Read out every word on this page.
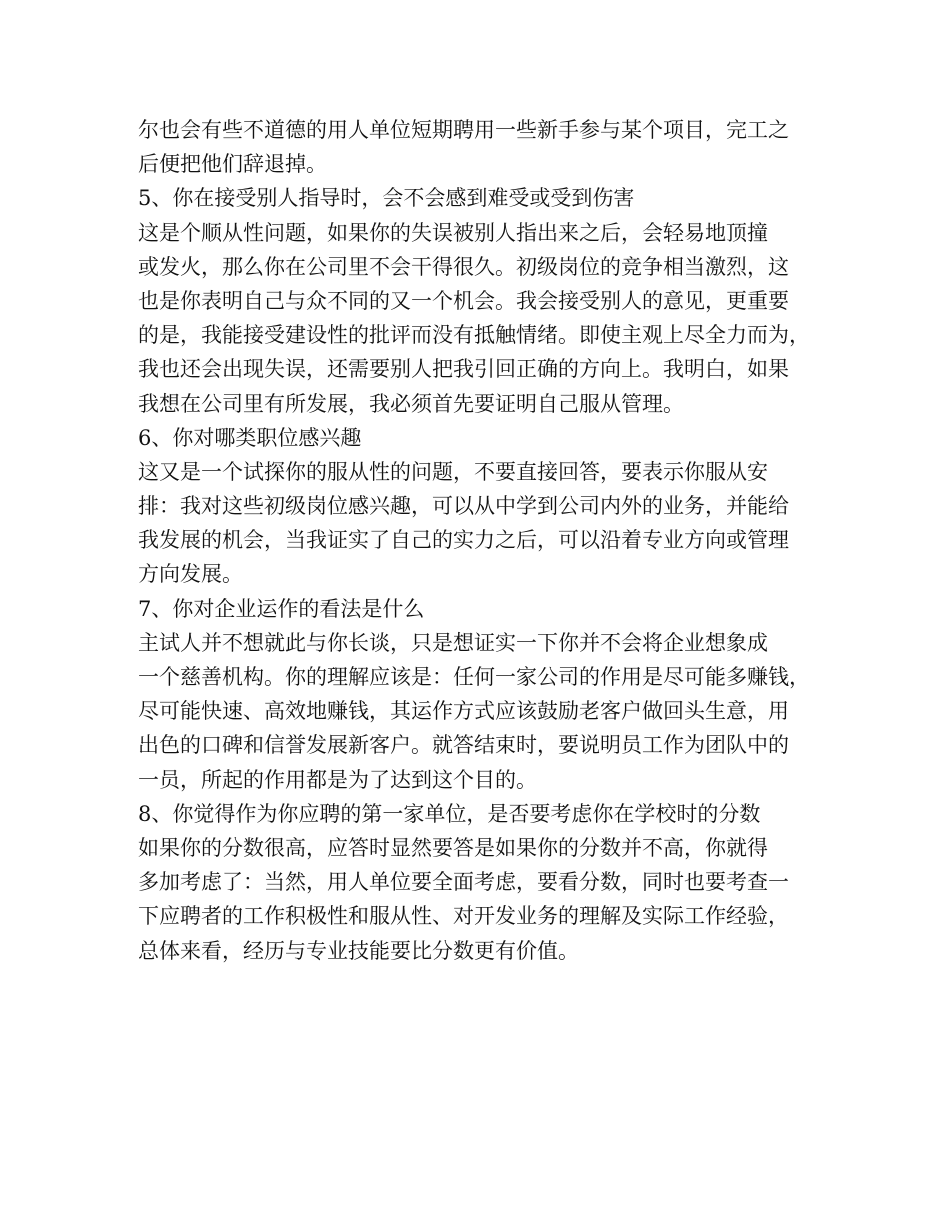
尔也会有些不道德的用人单位短期聘用一些新手参与某个项目，完工之
后便把他们辞退掉。
5、你在接受别人指导时，会不会感到难受或受到伤害
这是个顺从性问题，如果你的失误被别人指出来之后，会轻易地顶撞
或发火，那么你在公司里不会干得很久。初级岗位的竞争相当激烈，这
也是你表明自己与众不同的又一个机会。我会接受别人的意见，更重要
的是，我能接受建设性的批评而没有抵触情绪。即使主观上尽全力而为，
我也还会出现失误，还需要别人把我引回正确的方向上。我明白，如果
我想在公司里有所发展，我必须首先要证明自己服从管理。
6、你对哪类职位感兴趣
这又是一个试探你的服从性的问题，不要直接回答，要表示你服从安
排：我对这些初级岗位感兴趣，可以从中学到公司内外的业务，并能给
我发展的机会，当我证实了自己的实力之后，可以沿着专业方向或管理
方向发展。
7、你对企业运作的看法是什么
主试人并不想就此与你长谈，只是想证实一下你并不会将企业想象成
一个慈善机构。你的理解应该是：任何一家公司的作用是尽可能多赚钱，
尽可能快速、高效地赚钱，其运作方式应该鼓励老客户做回头生意，用
出色的口碑和信誉发展新客户。就答结束时，要说明员工作为团队中的
一员，所起的作用都是为了达到这个目的。
8、你觉得作为你应聘的第一家单位，是否要考虑你在学校时的分数
如果你的分数很高，应答时显然要答是如果你的分数并不高，你就得
多加考虑了：当然，用人单位要全面考虑，要看分数，同时也要考查一
下应聘者的工作积极性和服从性、对开发业务的理解及实际工作经验，
总体来看，经历与专业技能要比分数更有价值。
